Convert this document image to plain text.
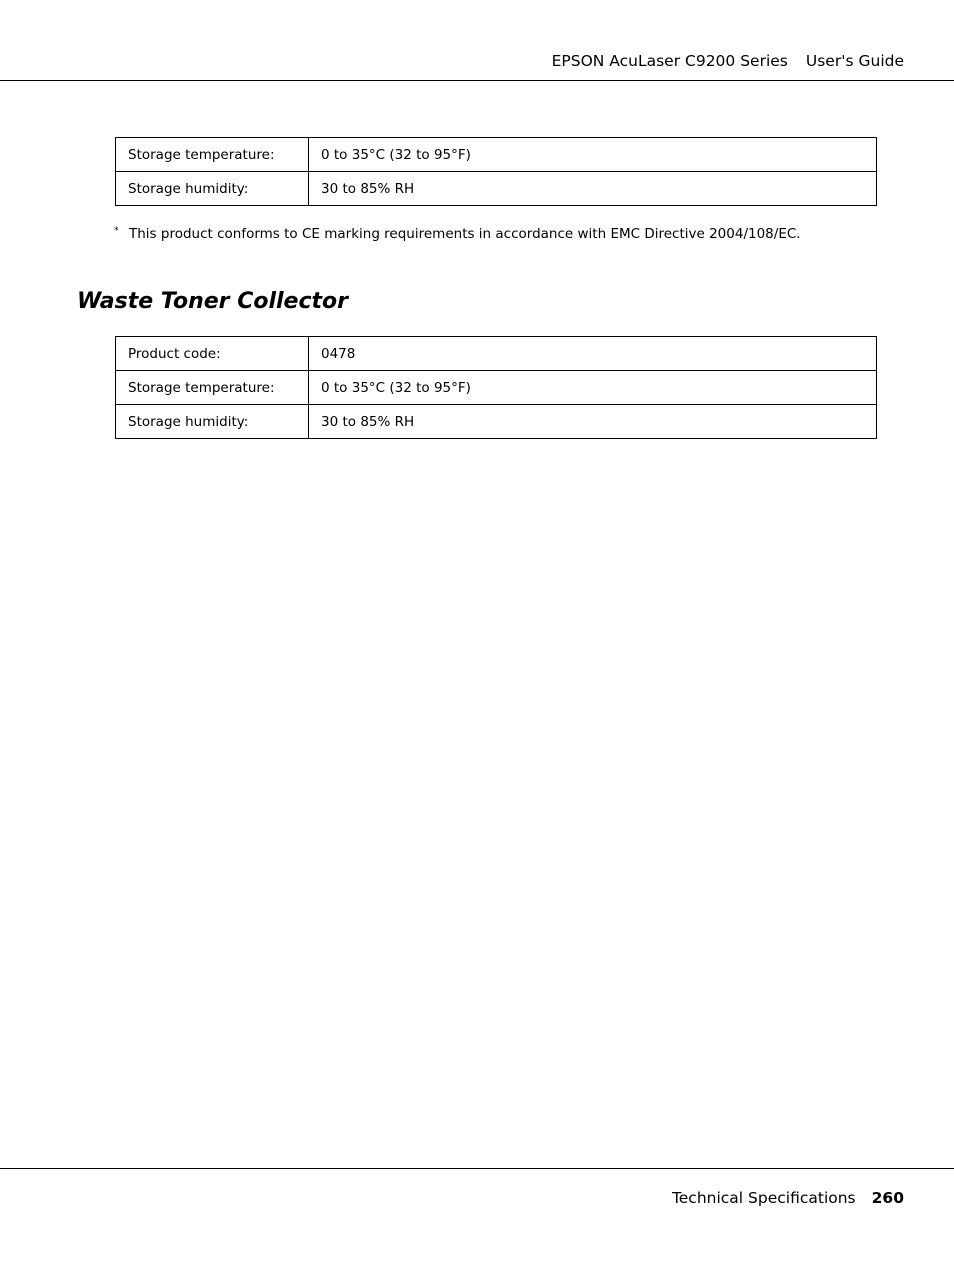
EPSON AcuLaser C9200 Series User's Guide
Storage temperature:	0 to 35°C (32 to 95°F)
Storage humidity:	30 to 85% RH
* This product conforms to CE marking requirements in accordance with EMC Directive 2004/108/EC.
Waste Toner Collector
Product code:	0478
Storage temperature:	0 to 35°C (32 to 95°F)
Storage humidity:	30 to 85% RH
Technical Specifications 260
